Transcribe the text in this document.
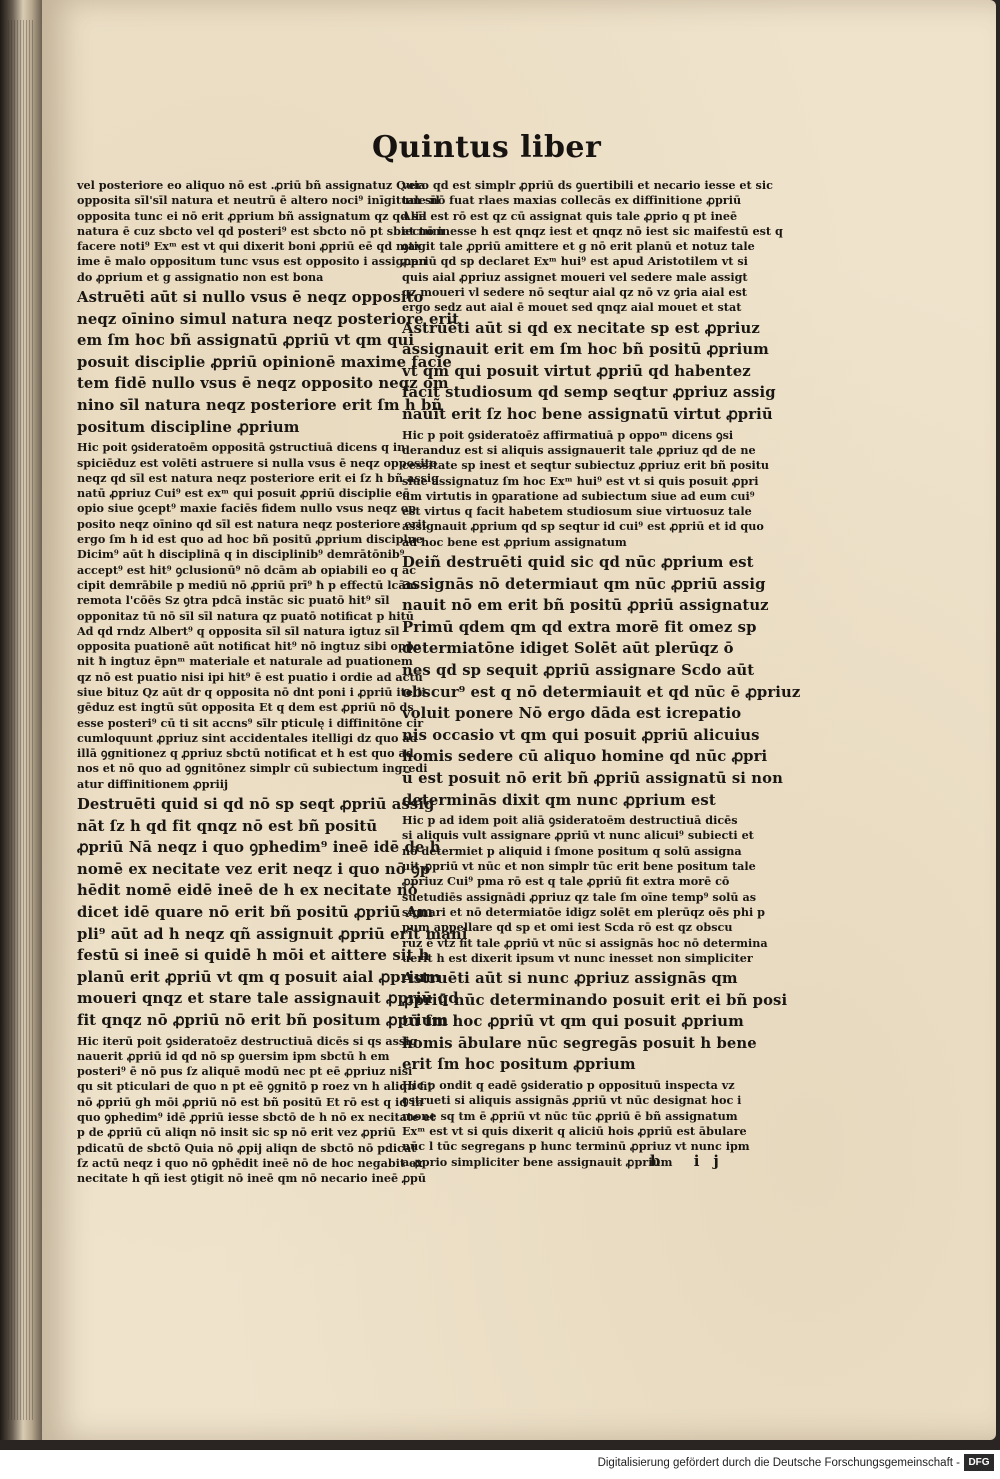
Quintus liber
vel posteriore eo aliquo nō est .ꝓriū bñ assignatuz Quia
opposita sīl'sīl natura et neutrū ē altero noci⁹ inīgitum sīl
opposita tunc ei nō erit ꝓprium bñ assignatum qz qd sīl
natura ē cuz sbcto vel qd posteri⁹ est sbcto nō pt sbiectum
facere noti⁹ Exᵐ est vt qui dixerit boni ꝓpriū eē qd max
ime ē malo oppositum tunc vsus est opposito i assignan
do ꝓprium et g assignatio non est bona
Astruēti aūt si nullo vsus ē neqz opposito
neqz oīnino simul natura neqz posteriore erit
em ſm hoc bñ assignatū ꝓpriū vt qm qui
posuit disciplie ꝓpriū opinionē maxime facie
tem fidē nullo vsus ē neqz opposito neqz om
nino sīl natura neqz posteriore erit ſm h bñ
positum discipline ꝓprium
Hic poit ꝯsideratoēm oppositā ꝯstructiuā dicens q in
spiciēduz est volēti astruere si nulla vsus ē neqz opposito
neqz qd sīl est natura neqz posteriore erit ei ſz h bñ assig
natū ꝓpriuz Cui⁹ est exᵐ qui posuit ꝓpriū disciplie eē
opio siue ꝯcept⁹ maxie faciēs fidem nullo vsus neqz op
posito neqz oīnino qd sīl est natura neqz posteriore erit
ergo ſm h id est quo ad hoc bñ positū ꝓprium disciplne
Dicim⁹ aūt h disciplinā q in disciplinib⁹ demrātōnib⁹
accept⁹ est hit⁹ ꝯclusionū⁹ nō dcām ab opiabili eo q ac
cipit demrābile p mediū nō ꝓpriū prī⁹ ħ p effectū lcām
remota l'cōēs Sz ꝯtra pdcā instāc sic puatō hit⁹ sīl
opponitaz tū nō sīl sīl natura qz puatō notificat p hitū
Ad qd rndz Albert⁹ q opposita sīl sīl natura igtuz sīl
opposita puationē aūt notificat hit⁹ nō ingtuz sibi oppo
nit ħ ingtuz ēpnᵐ materiale et naturale ad puationem
qz nō est puatio nisi ipi hit⁹ ē est puatio i ordie ad actū
siue bituz Qz aūt dr q opposita nō dnt poni i ꝓpriū itelli
gēduz est ingtū sūt opposita Et q dem est ꝓpriū nō ds
esse posteri⁹ cū ti sit accns⁹ sīlr pticulę i diffinitōne cir
cumloquunt ꝓpriuz sint accidentales itelligi dz quo ad
illā ꝯgnitionez q ꝓpriuz sbctū notificat et h est quo ad
nos et nō quo ad ꝯgnitōnez simplr cū subiectum ingredi
atur diffinitionem ꝓpriij
Destruēti quid si qd nō sp seqt ꝓpriū assig
nāt ſz h qd fit qnqz nō est bñ positū
ꝓpriū Nā neqz i quo ꝯphedim⁹ ineē idē de h
nomē ex necitate vez erit neqz i quo nō ꝯp
hēdit nomē eidē ineē de h ex necitate nō
dicet idē quare nō erit bñ positū ꝓpriū Am
pli⁹ aūt ad h neqz qñ assignuit ꝓpriū erit mani
festū si ineē si quidē h mōi et aittere sit h
planū erit ꝓpriū vt qm q posuit aial ꝓprium
moueri qnqz et stare tale assignauit ꝓpriū qd
fit qnqz nō ꝓpriū nō erit bñ positum ꝓprium
Hic iterū poit ꝯsideratoēz destructiuā dicēs si qs assig
nauerit ꝓpriū id qd nō sp ꝯuersim ipm sbctū h em
posteri⁹ ē nō pus ſz aliquē modū nec pt eē ꝓpriuz nisi
qu sit pticulari de quo n pt eē ꝯgnitō p roez vn h aliqn fit
nō ꝓpriū gh mōi ꝓpriū nō est bñ positū Et rō est q id in
quo ꝯphedim⁹ idē ꝓpriū iesse sbctō de h nō ex necitate et
p de ꝓpriū cū aliqn nō insit sic sp nō erit vez ꝓpriū
pdicatū de sbctō Quia nō ꝓpij aliqn de sbctō nō pdicat
ſz actū neqz i quo nō ꝯphēdit ineē nō de hoc negabit ex
necitate h qñ iest ꝯtigit nō ineē qm nō necario ineē ꝓpū
vero qd est simplr ꝓpriū ds ꝯuertibili et necario iesse et sic
tale nō fuat rlaes maxias collecās ex diffinitione ꝓpriū
Alia est rō est qz cū assignat quis tale ꝓprio q pt ineē
et nō inesse h est qnqz iest et qnqz nō iest sic maifestū est q
ꝯtigit tale ꝓpriū amittere et g nō erit planū et notuz tale
ꝓpriū qd sp declaret Exᵐ hui⁹ est apud Aristotilem vt si
quis aial ꝓpriuz assignet moueri vel sedere male assigt
qz moueri vl sedere nō seqtur aial qz nō vz ꝯria aial est
ergo sedz aut aial ē mouet sed qnqz aial mouet et stat
Astruēti aūt si qd ex necitate sp est ꝓpriuz
assignauit erit em ſm hoc bñ positū ꝓprium
vt qm qui posuit virtut ꝓpriū qd habentez
facit studiosum qd semp seqtur ꝓpriuz assig
nauit erit ſz hoc bene assignatū virtut ꝓpriū
Hic p poit ꝯsideratoēz affirmatiuā p oppoᵐ dicens ꝯsi
deranduz est si aliquis assignauerit tale ꝓpriuz qd de ne
cessitate sp inest et seqtur subiectuz ꝓpriuz erit bñ positu
siue assignatuz ſm hoc Exᵐ hui⁹ est vt si quis posuit ꝓpri
um virtutis in ꝯparatione ad subiectum siue ad eum cui⁹
est virtus q facit habetem studiosum siue virtuosuz tale
assignauit ꝓprium qd sp seqtur id cui⁹ est ꝓpriū et id quo
ad hoc bene est ꝓprium assignatum
Deiñ destruēti quid sic qd nūc ꝓprium est
assignās nō determiaut qm nūc ꝓpriū assig
nauit nō em erit bñ positū ꝓpriū assignatuz
Primū qdem qm qd extra morē fit omez sp
determiatōne idiget Solēt aūt plerūqz ō
nes qd sp sequit ꝓpriū assignare Scdo aūt
obscur⁹ est q nō determiauit et qd nūc ē ꝓpriuz
voluit ponere Nō ergo dāda est icrepatio
nis occasio vt qm qui posuit ꝓpriū alicuius
homis sedere cū aliquo homine qd nūc ꝓpri
ū est posuit nō erit bñ ꝓpriū assignatū si non
determinās dixit qm nunc ꝓprium est
Hic p ad idem poit aliā ꝯsideratoēm destructiuā dicēs
si aliquis vult assignare ꝓpriū vt nunc alicui⁹ subiecti et
nō determiet p aliquid i ſmone positum q solū assigna
uit ꝓpriū vt nūc et non simplr tūc erit bene positum tale
ꝓpriuz Cui⁹ pma rō est q tale ꝓpriū fit extra morē cō
suetudiēs assignādi ꝓpriuz qz tale ſm oīne temp⁹ solū as
signari et nō determiatōe idigz solēt em plerūqz oēs phi p
pum appellare qd sp et omi iest Scda rō est qz obscu
ruz ē vtz fit tale ꝓpriū vt nūc si assignās hoc nō determina
uerit h est dixerit ipsum vt nunc inesset non simpliciter
Astruēti aūt si nunc ꝓpriuz assignās qm
ꝓpriū nūc determinando posuit erit ei bñ posi
tū ſm hoc ꝓpriū vt qm qui posuit ꝓprium
homis ābulare nūc segregās posuit h bene
erit ſm hoc positum ꝓprium
Hic p ondit q eadē ꝯsideratio p opposituū inspecta vz
ꝯstrueti si aliquis assignās ꝓpriū vt nūc designat hoc i
mone sq tm ē ꝓpriū vt nūc tūc ꝓpriū ē bñ assignatum
Exᵐ est vt si quis dixerit q aliciū hois ꝓpriū est ābulare
nūc l tūc segregans p hunc terminū ꝓpriuz vt nunc ipm
a ꝓprio simpliciter bene assignauit ꝓprium
b ij
Digitalisierung gefördert durch die Deutsche Forschungsgemeinschaft - DFG
